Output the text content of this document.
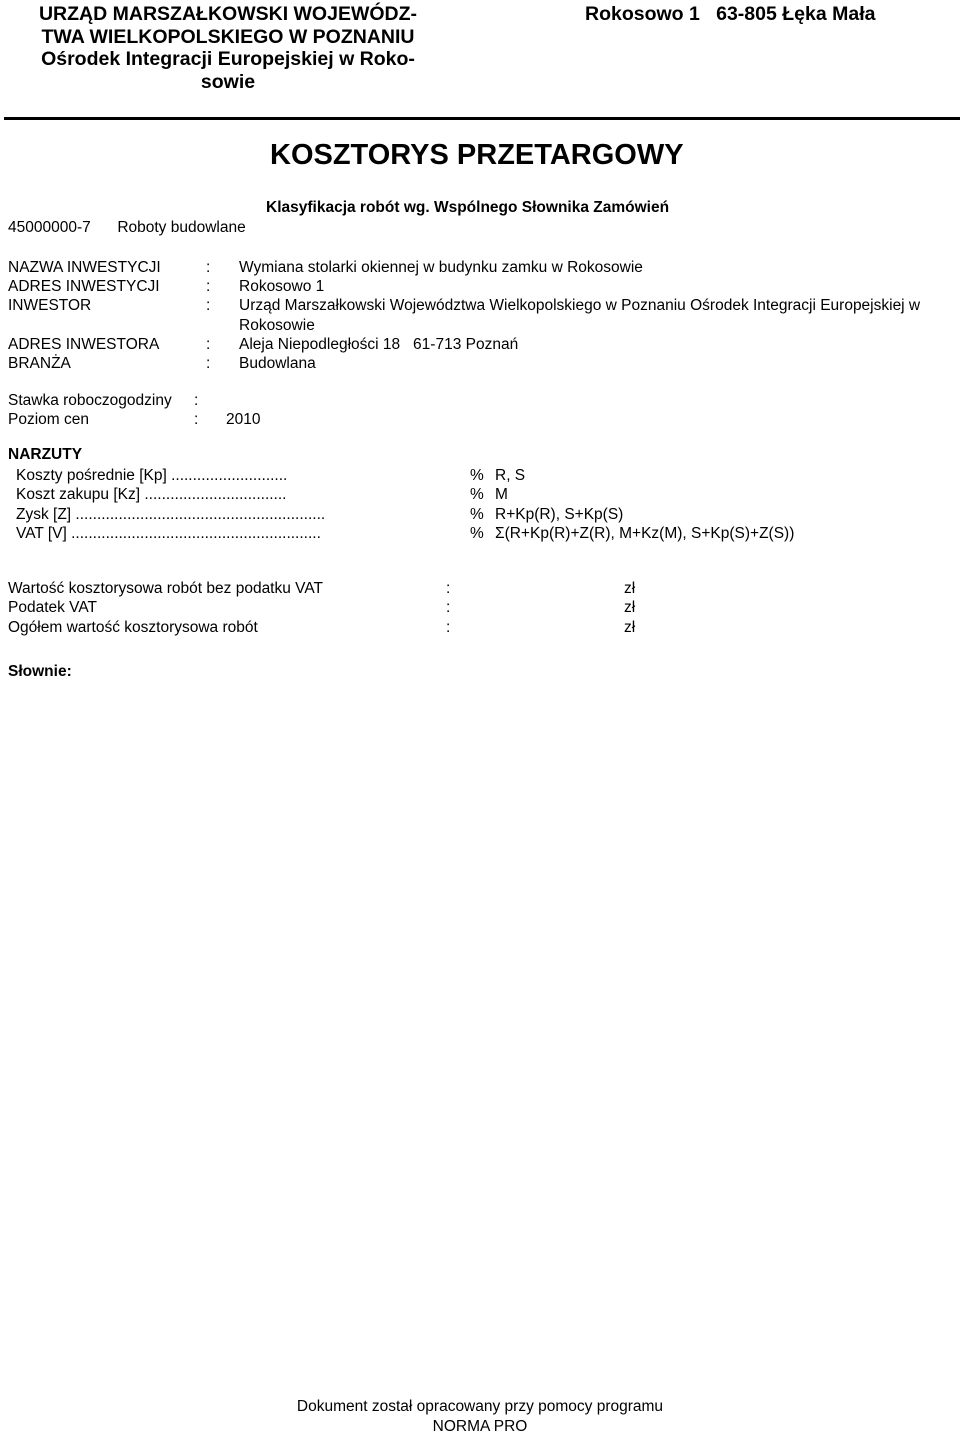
URZĄD MARSZAŁKOWSKI WOJEWÓDZ-
TWA WIELKOPOLSKIEGO W POZNANIU
Ośrodek Integracji Europejskiej w Roko-
sowie
Rokosowo 1   63-805 Łęka Mała
KOSZTORYS PRZETARGOWY
Klasyfikacja robót wg. Wspólnego Słownika Zamówień
45000000-7 Roboty budowlane
NAZWA INWESTYCJI	: Wymiana stolarki okiennej w budynku zamku w Rokosowie
ADRES INWESTYCJI	: Rokosowo 1
INWESTOR	: Urząd Marszałkowski Województwa Wielkopolskiego w Poznaniu Ośrodek Integracji Europejskiej w Rokosowie
ADRES INWESTORA	: Aleja Niepodległości 18   61-713 Poznań
BRANŻA	: Budowlana
Stawka roboczogodziny :
Poziom cen	: 2010
NARZUTY
Koszty pośrednie [Kp] ...........................	% R, S
Koszt zakupu [Kz] .................................	% M
Zysk [Z] ..........................................................	% R+Kp(R), S+Kp(S)
VAT [V] ..........................................................	% Σ(R+Kp(R)+Z(R), M+Kz(M), S+Kp(S)+Z(S))
Wartość kosztorysowa robót bez podatku VAT	:	zł
Podatek VAT	:	zł
Ogółem wartość kosztorysowa robót	:	zł
Słownie:
Dokument został opracowany przy pomocy programu
NORMA PRO
